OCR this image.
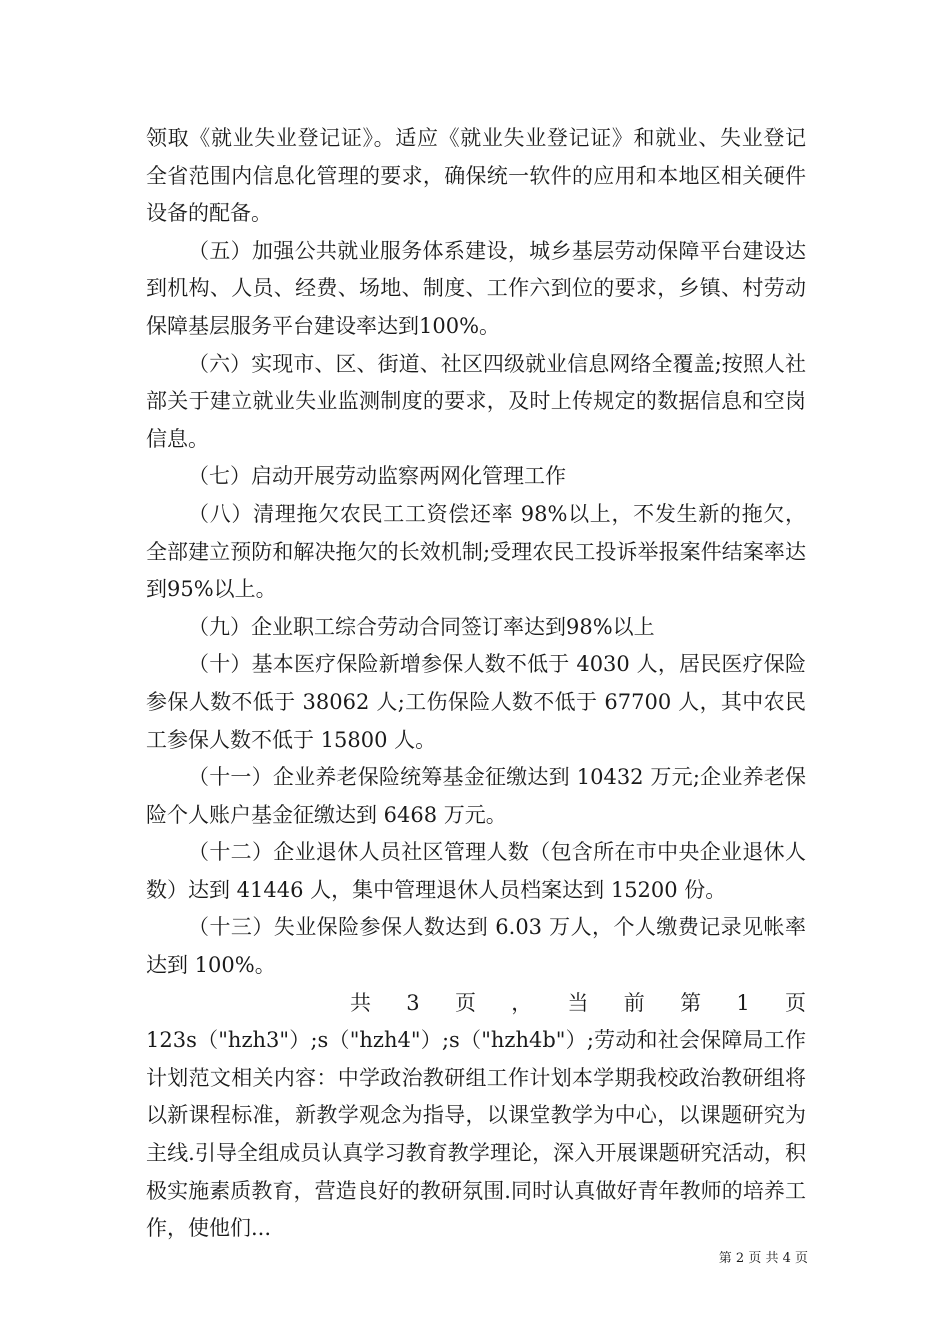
领取《就业失业登记证》。适应《就业失业登记证》和就业、失业登记全省范围内信息化管理的要求，确保统一软件的应用和本地区相关硬件设备的配备。

（五）加强公共就业服务体系建设，城乡基层劳动保障平台建设达到机构、人员、经费、场地、制度、工作六到位的要求，乡镇、村劳动保障基层服务平台建设率达到100%。

（六）实现市、区、街道、社区四级就业信息网络全覆盖;按照人社部关于建立就业失业监测制度的要求，及时上传规定的数据信息和空岗信息。

（七）启动开展劳动监察两网化管理工作

（八）清理拖欠农民工工资偿还率 98%以上，不发生新的拖欠，全部建立预防和解决拖欠的长效机制;受理农民工投诉举报案件结案率达到95%以上。

（九）企业职工综合劳动合同签订率达到98%以上

（十）基本医疗保险新增参保人数不低于 4030 人，居民医疗保险参保人数不低于 38062 人;工伤保险人数不低于 67700 人，其中农民工参保人数不低于 15800 人。

（十一）企业养老保险统筹基金征缴达到 10432 万元;企业养老保险个人账户基金征缴达到 6468 万元。

（十二）企业退休人员社区管理人数（包含所在市中央企业退休人数）达到 41446 人，集中管理退休人员档案达到 15200 份。

（十三）失业保险参保人数达到 6.03 万人，个人缴费记录见帐率达到 100%。

共 3 页 ， 当 前 第 1 页

123s（"hzh3"）;s（"hzh4"）;s（"hzh4b"）;劳动和社会保障局工作计划范文相关内容：中学政治教研组工作计划本学期我校政治教研组将以新课程标准，新教学观念为指导，以课堂教学为中心，以课题研究为主线.引导全组成员认真学习教育教学理论，深入开展课题研究活动，积极实施素质教育，营造良好的教研氛围.同时认真做好青年教师的培养工作，使他们...

第 2 页 共 4 页
